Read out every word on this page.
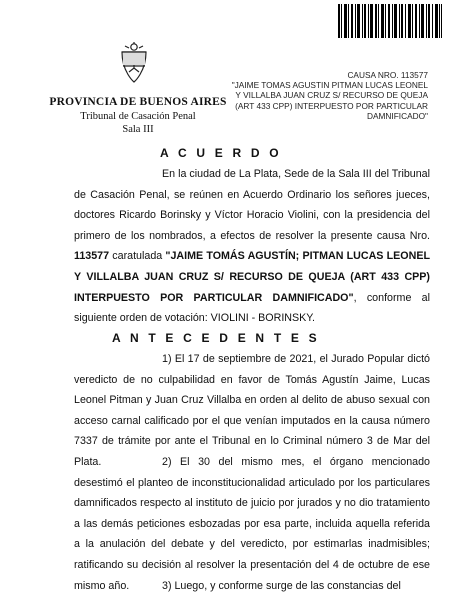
PROVINCIA DE BUENOS AIRES
Tribunal de Casación Penal
Sala III
CAUSA NRO. 113577
"JAIME TOMAS AGUSTIN PITMAN LUCAS LEONEL
Y VILLALBA JUAN CRUZ S/ RECURSO DE QUEJA
(ART 433 CPP) INTERPUESTO POR PARTICULAR
DAMNIFICADO"
A C U E R D O
En la ciudad de La Plata, Sede de la Sala III del Tribunal de Casación Penal, se reúnen en Acuerdo Ordinario los señores jueces, doctores Ricardo Borinsky y Víctor Horacio Violini, con la presidencia del primero de los nombrados, a efectos de resolver la presente causa Nro. 113577 caratulada "JAIME TOMÁS AGUSTÍN; PITMAN LUCAS LEONEL Y VILLALBA JUAN CRUZ S/ RECURSO DE QUEJA (ART 433 CPP) INTERPUESTO POR PARTICULAR DAMNIFICADO", conforme al siguiente orden de votación: VIOLINI - BORINSKY.
A N T E C E D E N T E S
1) El 17 de septiembre de 2021, el Jurado Popular dictó veredicto de no culpabilidad en favor de Tomás Agustín Jaime, Lucas Leonel Pitman y Juan Cruz Villalba en orden al delito de abuso sexual con acceso carnal calificado por el que venían imputados en la causa número 7337 de trámite por ante el Tribunal en lo Criminal número 3 de Mar del Plata.	2) El 30 del mismo mes, el órgano mencionado desestimó el planteo de inconstitucionalidad articulado por los particulares damnificados respecto al instituto de juicio por jurados y no dio tratamiento a las demás peticiones esbozadas por esa parte, incluida aquella referida a la anulación del debate y del veredicto, por estimarlas inadmisibles; ratificando su decisión al resolver la presentación del 4 de octubre de ese mismo año.	3) Luego, y conforme surge de las constancias del
